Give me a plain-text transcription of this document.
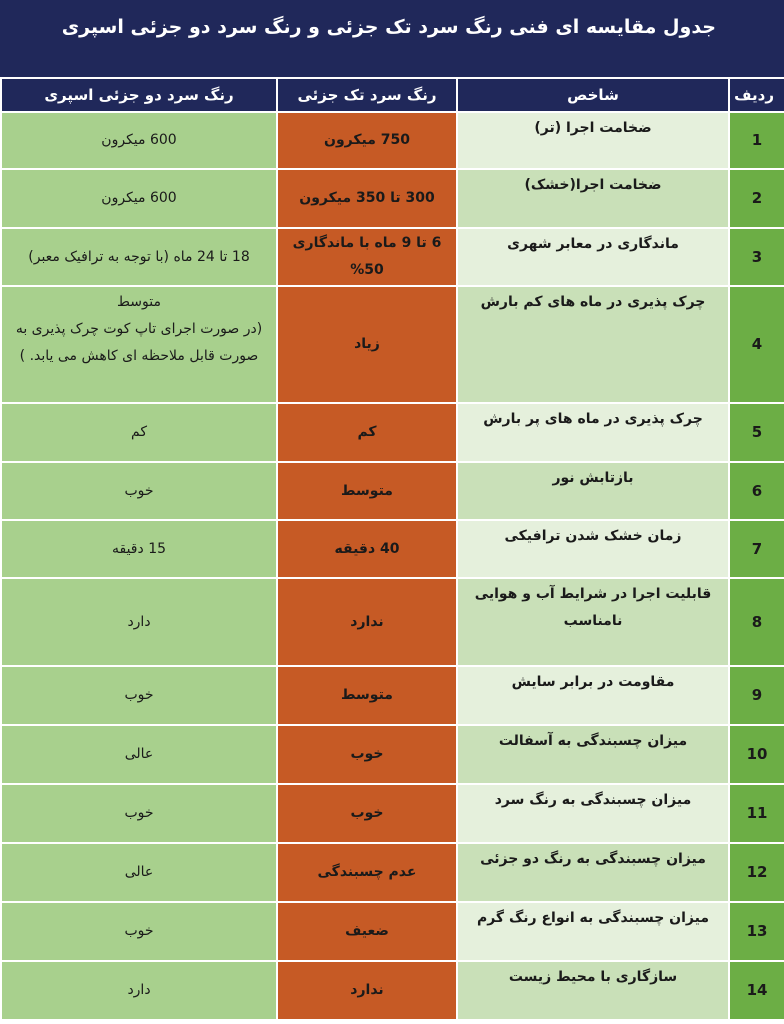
جدول مقایسه ای فنی رنگ سرد تک جزئی و رنگ سرد دو جزئی اسپری
ردیف	شاخص	رنگ سرد تک جزئی	رنگ سرد دو جزئی اسپری
1	ضخامت اجرا (تر)	750 میکرون	600 میکرون
2	ضخامت اجرا(خشک)	300 تا 350 میکرون	600 میکرون
3	ماندگاری در معابر شهری	6 تا 9 ماه با ماندگاری 50%	18 تا 24 ماه (با توجه به ترافیک معبر)
4	چرک پذیری در ماه های کم بارش	زیاد	متوسط
(در صورت اجرای تاپ کوت چرک پذیری به صورت قابل ملاحظه ای کاهش می یابد. )
5	چرک پذیری در ماه های پر بارش	کم	کم
6	بازتابش نور	متوسط	خوب
7	زمان خشک شدن ترافیکی	40 دقیقه	15 دقیقه
8	قابلیت اجرا در شرایط آب و هوایی نامناسب	ندارد	دارد
9	مقاومت در برابر سایش	متوسط	خوب
10	میزان چسبندگی به آسفالت	خوب	عالی
11	میزان چسبندگی به رنگ سرد	خوب	خوب
12	میزان چسبندگی به رنگ دو جزئی	عدم چسبندگی	عالی
13	میزان چسبندگی به انواع رنگ گرم	ضعیف	خوب
14	سازگاری با محیط زیست	ندارد	دارد
